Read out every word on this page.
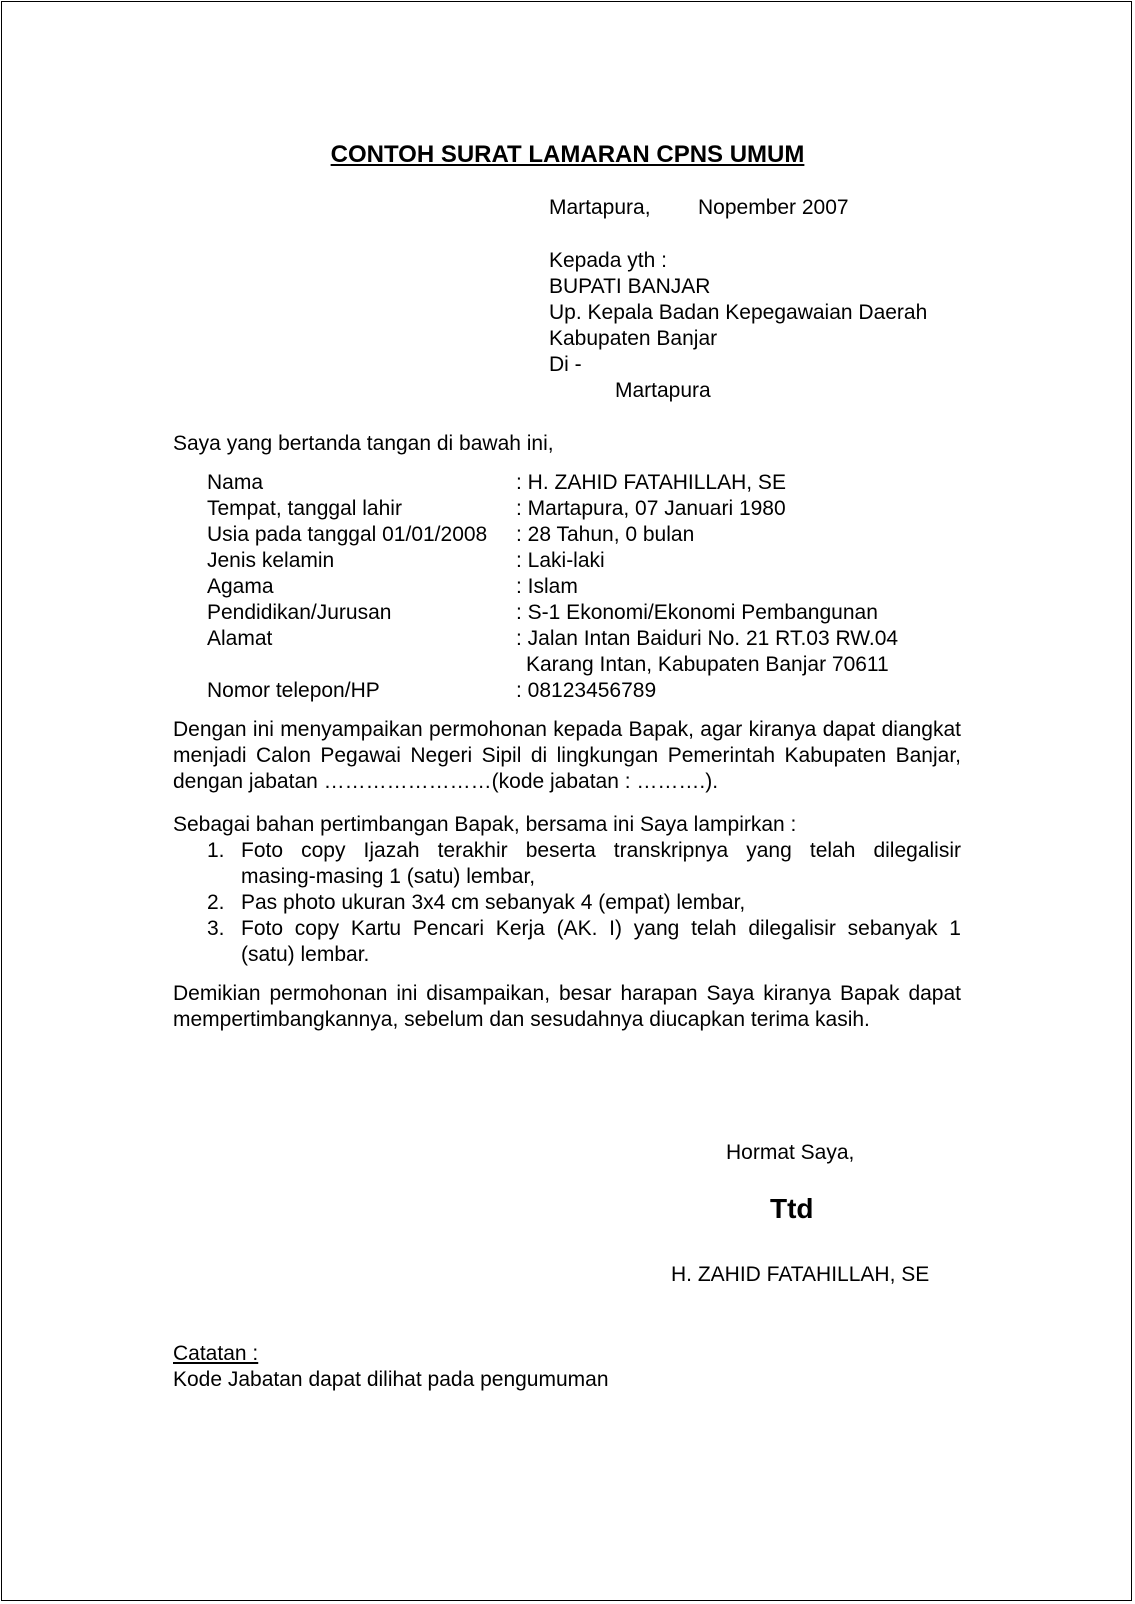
CONTOH SURAT LAMARAN CPNS UMUM
Martapura, Nopember 2007
Kepada yth :
BUPATI BANJAR
Up. Kepala Badan Kepegawaian Daerah
Kabupaten Banjar
Di -
Martapura
Saya yang bertanda tangan di bawah ini,
Nama	: H. ZAHID FATAHILLAH, SE
Tempat, tanggal lahir	: Martapura, 07 Januari 1980
Usia pada tanggal 01/01/2008 : 28 Tahun, 0 bulan
Jenis kelamin	: Laki-laki
Agama	: Islam
Pendidikan/Jurusan	: S-1 Ekonomi/Ekonomi Pembangunan
Alamat	: Jalan Intan Baiduri No. 21 RT.03 RW.04
Karang Intan, Kabupaten Banjar 70611
Nomor telepon/HP	: 08123456789
Dengan ini menyampaikan permohonan kepada Bapak, agar kiranya dapat diangkat menjadi Calon Pegawai Negeri Sipil di lingkungan Pemerintah Kabupaten Banjar, dengan jabatan ……………………(kode jabatan : ……….).
Sebagai bahan pertimbangan Bapak, bersama ini Saya lampirkan :
1. Foto copy Ijazah terakhir beserta transkripnya yang telah dilegalisir
masing-masing 1 (satu) lembar,
2. Pas photo ukuran 3x4 cm sebanyak 4 (empat) lembar,
3. Foto copy Kartu Pencari Kerja (AK. I) yang telah dilegalisir sebanyak 1
(satu) lembar.
Demikian permohonan ini disampaikan, besar harapan Saya kiranya Bapak dapat mempertimbangkannya, sebelum dan sesudahnya diucapkan terima kasih.
Hormat Saya,
Ttd
H. ZAHID FATAHILLAH, SE
Catatan :
Kode Jabatan dapat dilihat pada pengumuman
